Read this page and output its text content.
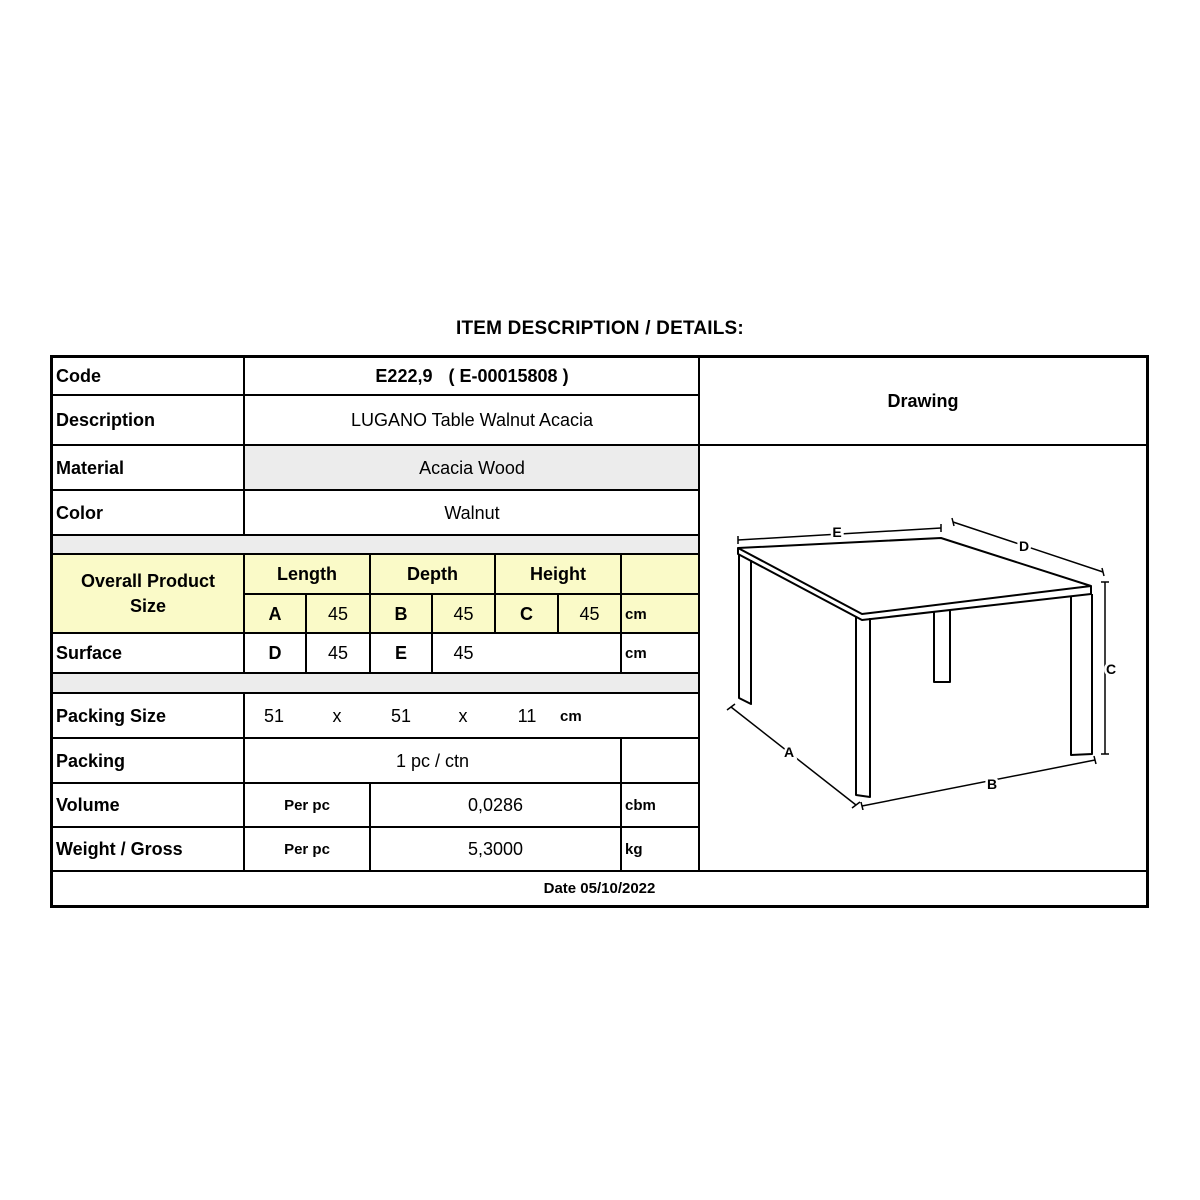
ITEM DESCRIPTION / DETAILS:
Code	E222,9 ( E-00015808 )
Description	LUGANO Table Walnut Acacia
Material	Acacia Wood
Color	Walnut
Overall Product Size
Length	Depth	Height
A	45	B	45	C	45	cm
Surface	D	45	E	45	cm
Packing Size	51	x	51	x	11	cm
Packing	1 pc / ctn
Volume	Per pc	0,0286	cbm
Weight / Gross	Per pc	5,3000	kg
Drawing
Date 05/10/2022
E
D
C
A
B
